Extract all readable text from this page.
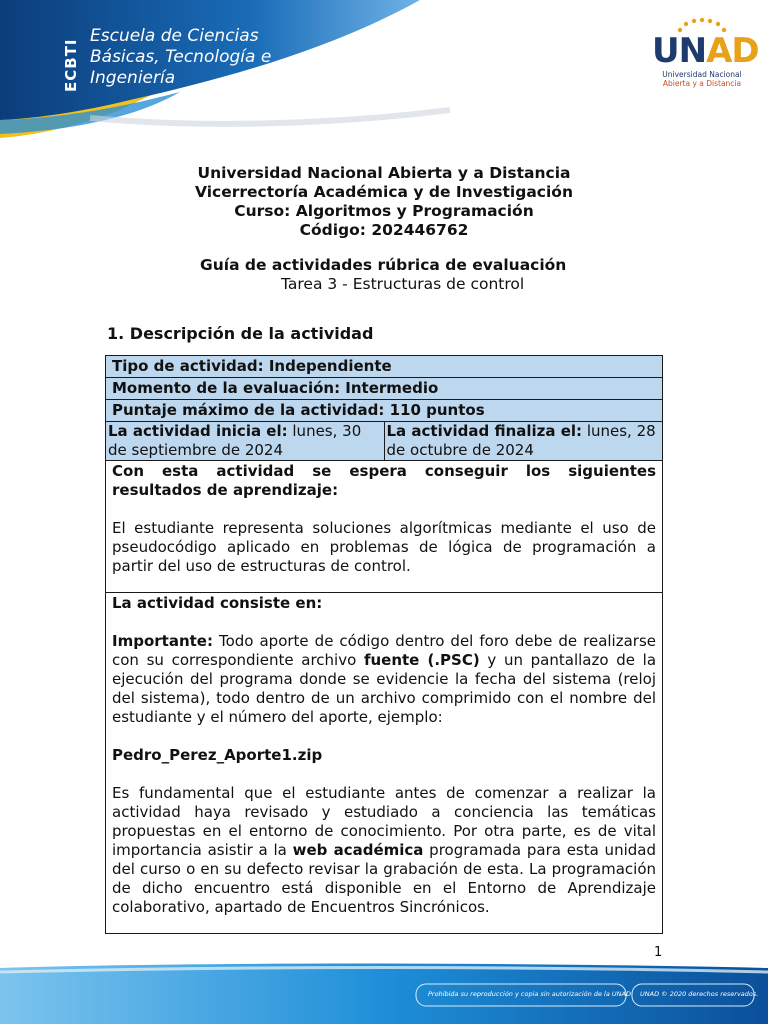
ECBTI
Escuela de Ciencias
Básicas, Tecnología e
Ingeniería
UNAD
Universidad Nacional
Abierta y a Distancia
Universidad Nacional Abierta y a Distancia
Vicerrectoría Académica y de Investigación
Curso: Algoritmos y Programación
Código: 202446762
Guía de actividades rúbrica de evaluación
Tarea 3 - Estructuras de control
1. Descripción de la actividad
Tipo de actividad: Independiente
Momento de la evaluación: Intermedio
Puntaje máximo de la actividad: 110 puntos
La actividad inicia el: lunes, 30 de septiembre de 2024	La actividad finaliza el: lunes, 28 de octubre de 2024

Con esta actividad se espera conseguir los siguientes resultados de aprendizaje:

El estudiante representa soluciones algorítmicas mediante el uso de pseudocódigo aplicado en problemas de lógica de programación a partir del uso de estructuras de control.

La actividad consiste en:

Importante: Todo aporte de código dentro del foro debe de realizarse con su correspondiente archivo fuente (.PSC) y un pantallazo de la ejecución del programa donde se evidencie la fecha del sistema (reloj del sistema), todo dentro de un archivo comprimido con el nombre del estudiante y el número del aporte, ejemplo:

Pedro_Perez_Aporte1.zip

Es fundamental que el estudiante antes de comenzar a realizar la actividad haya revisado y estudiado a conciencia las temáticas propuestas en el entorno de conocimiento. Por otra parte, es de vital importancia asistir a la web académica programada para esta unidad del curso o en su defecto revisar la grabación de esta. La programación de dicho encuentro está disponible en el Entorno de Aprendizaje colaborativo, apartado de Encuentros Sincrónicos.

1
Prohibida su reproducción y copia sin autorización de la UNAD. UNAD © 2020 derechos reservados.
